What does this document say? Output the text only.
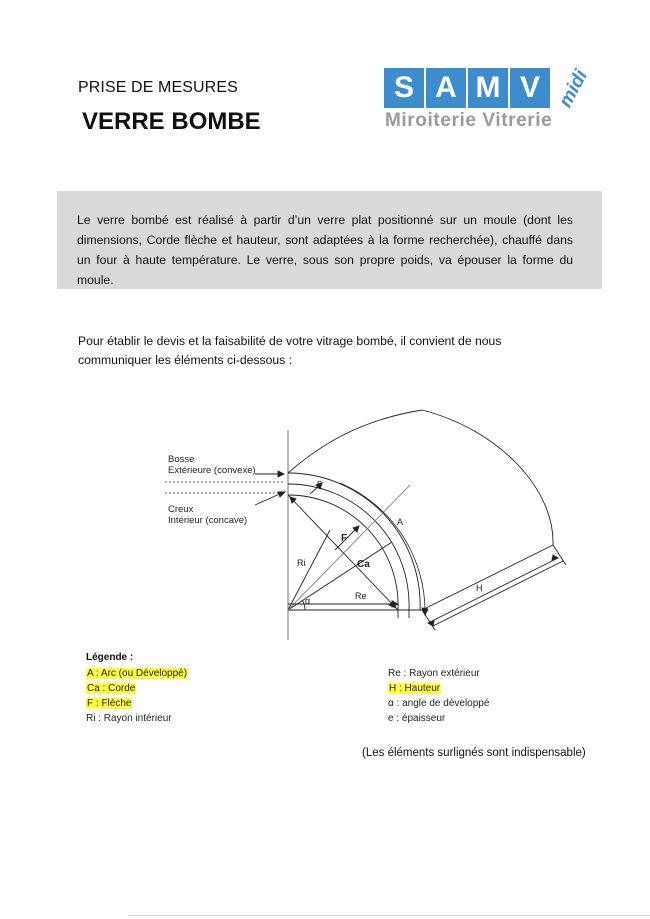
PRISE DE MESURES
VERRE BOMBE
S A M V midi
Miroiterie Vitrerie
Le verre bombé est réalisé à partir d’un verre plat positionné sur un moule (dont les dimensions, Corde flèche et hauteur, sont adaptées à la forme recherchée), chauffé dans un four à haute température. Le verre, sous son propre poids, va épouser la forme du moule.
Pour établir le devis et la faisabilité de votre vitrage bombé, il convient de nous communiquer les éléments ci-dessous :
Bosse
Extérieure (convexe)
Creux
Intérieur (concave)
e
A
F
Ca
Ri
Re
α
H
Légende :
A : Arc (ou Développé)
Ca : Corde
F : Flèche
Ri : Rayon intérieur
Re : Rayon extérieur
H : Hauteur
α : angle de développé
e : épaisseur
(Les éléments surlignés sont indispensable)
